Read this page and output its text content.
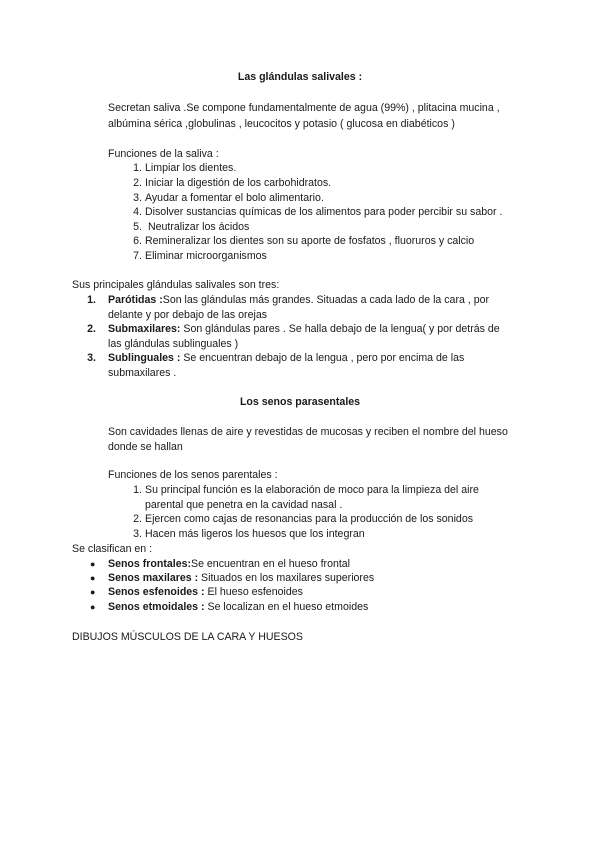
Las glándulas salivales :
Secretan saliva .Se compone fundamentalmente de agua (99%) , plitacina mucina ,
albúmina sérica ,globulinas , leucocitos y potasio ( glucosa en diabéticos )
Funciones de la saliva :
1. Limpiar los dientes.
2. Iniciar la digestión de los carbohidratos.
3. Ayudar a fomentar el bolo alimentario.
4. Disolver sustancias químicas de los alimentos para poder percibir su sabor .
5. Neutralizar los ácidos
6. Remineralizar los dientes son su aporte de fosfatos , fluoruros y calcio
7. Eliminar microorganismos
Sus principales glándulas salivales son tres:
1. Parótidas :Son las glándulas más grandes. Situadas a cada lado de la cara , por
delante y por debajo de las orejas
2. Submaxilares: Son glándulas pares . Se halla debajo de la lengua( y por detrás de
las glándulas sublinguales )
3. Sublinguales : Se encuentran debajo de la lengua , pero por encima de las
submaxilares .
Los senos parasentales
Son cavidades llenas de aire y revestidas de mucosas y reciben el nombre del hueso
donde se hallan
Funciones de los senos parentales :
1. Su principal función es la elaboración de moco para la limpieza del aire
parental que penetra en la cavidad nasal .
2. Ejercen como cajas de resonancias para la producción de los sonidos
3. Hacen más ligeros los huesos que los integran
Se clasifican en :
● Senos frontales:Se encuentran en el hueso frontal
● Senos maxilares : Situados en los maxilares superiores
● Senos esfenoides : El hueso esfenoides
● Senos etmoidales : Se localizan en el hueso etmoides
DIBUJOS MÚSCULOS DE LA CARA Y HUESOS
